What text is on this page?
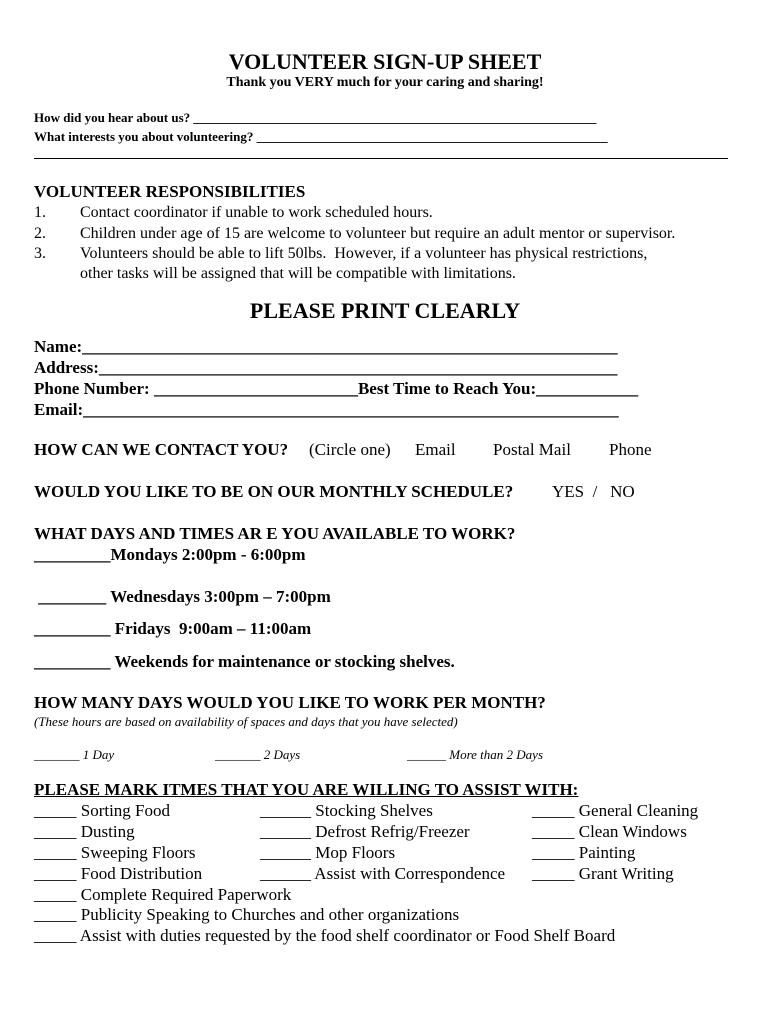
VOLUNTEER SIGN-UP SHEET
Thank you VERY much for your caring and sharing!
How did you hear about us? ______________________________________________________________
What interests you about volunteering? ______________________________________________________
VOLUNTEER RESPONSIBILITIES
1. Contact coordinator if unable to work scheduled hours.
2. Children under age of 15 are welcome to volunteer but require an adult mentor or supervisor.
3. Volunteers should be able to lift 50lbs.  However, if a volunteer has physical restrictions,
other tasks will be assigned that will be compatible with limitations.
PLEASE PRINT CLEARLY
Name:_______________________________________________________________
Address:_____________________________________________________________
Phone Number: ________________________Best Time to Reach You:____________
Email:_______________________________________________________________
HOW CAN WE CONTACT YOU? (Circle one) Email Postal Mail Phone
WOULD YOU LIKE TO BE ON OUR MONTHLY SCHEDULE? YES  /   NO
WHAT DAYS AND TIMES AR E YOU AVAILABLE TO WORK?
_________Mondays 2:00pm - 6:00pm
________ Wednesdays 3:00pm – 7:00pm
_________ Fridays  9:00am – 11:00am
_________ Weekends for maintenance or stocking shelves.
HOW MANY DAYS WOULD YOU LIKE TO WORK PER MONTH?
(These hours are based on availability of spaces and days that you have selected)
_______ 1 Day	_______ 2 Days	______ More than 2 Days
PLEASE MARK ITMES THAT YOU ARE WILLING TO ASSIST WITH:
_____ Sorting Food
_____ Dusting
_____ Sweeping Floors
_____ Food Distribution
______ Stocking Shelves
______ Defrost Refrig/Freezer
______ Mop Floors
______ Assist with Correspondence
_____ General Cleaning
_____ Clean Windows
_____ Painting
_____ Grant Writing
_____ Complete Required Paperwork
_____ Publicity Speaking to Churches and other organizations
_____ Assist with duties requested by the food shelf coordinator or Food Shelf Board
